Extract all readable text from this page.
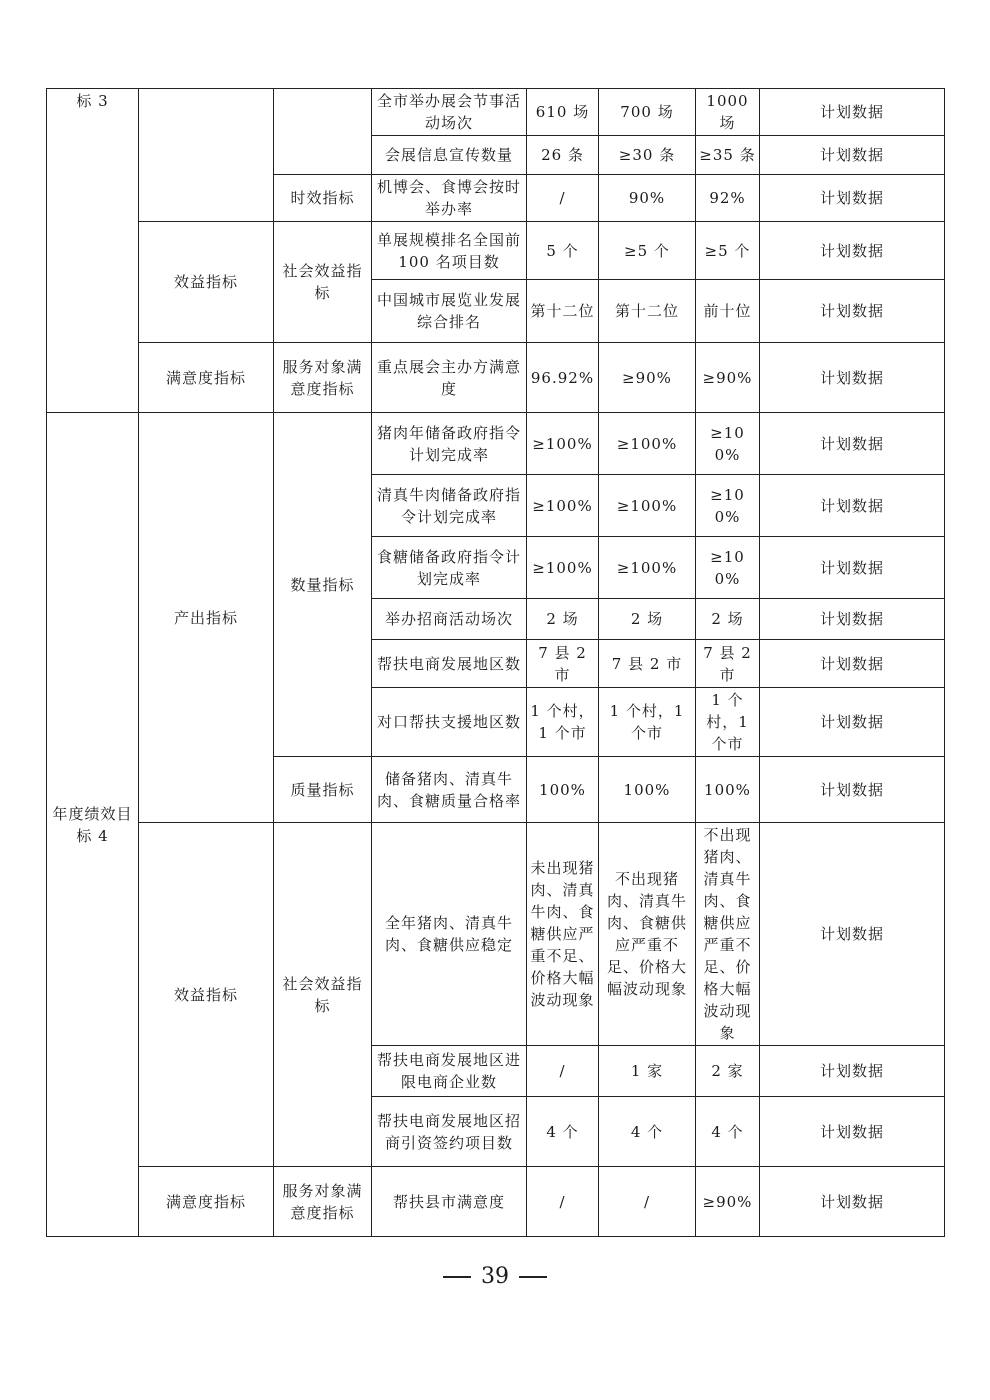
标 3			全市举办展会节事活动场次	610 场	700 场	1000 场	计划数据
			会展信息宣传数量	26 条	≥30 条	≥35 条	计划数据
		时效指标	机博会、食博会按时举办率	/	90%	92%	计划数据
	效益指标	社会效益指标	单展规模排名全国前 100 名项目数	5 个	≥5 个	≥5 个	计划数据
			中国城市展览业发展综合排名	第十二位	第十二位	前十位	计划数据
	满意度指标	服务对象满意度指标	重点展会主办方满意度	96.92%	≥90%	≥90%	计划数据
年度绩效目标 4	产出指标	数量指标	猪肉年储备政府指令计划完成率	≥100%	≥100%	≥100%	计划数据
			清真牛肉储备政府指令计划完成率	≥100%	≥100%	≥100%	计划数据
			食糖储备政府指令计划完成率	≥100%	≥100%	≥100%	计划数据
			举办招商活动场次	2 场	2 场	2 场	计划数据
			帮扶电商发展地区数	7 县 2 市	7 县 2 市	7 县 2 市	计划数据
			对口帮扶支援地区数	1 个村，1 个市	1 个村，1 个市	1 个村，1 个市	计划数据
		质量指标	储备猪肉、清真牛肉、食糖质量合格率	100%	100%	100%	计划数据
	效益指标	社会效益指标	全年猪肉、清真牛肉、食糖供应稳定	未出现猪肉、清真牛肉、食糖供应严重不足、价格大幅波动现象	不出现猪肉、清真牛肉、食糖供应严重不足、价格大幅波动现象	不出现猪肉、清真牛肉、食糖供应严重不足、价格大幅波动现象	计划数据
			帮扶电商发展地区进限电商企业数	/	1 家	2 家	计划数据
			帮扶电商发展地区招商引资签约项目数	4 个	4 个	4 个	计划数据
	满意度指标	服务对象满意度指标	帮扶县市满意度	/	/	≥90%	计划数据
39
